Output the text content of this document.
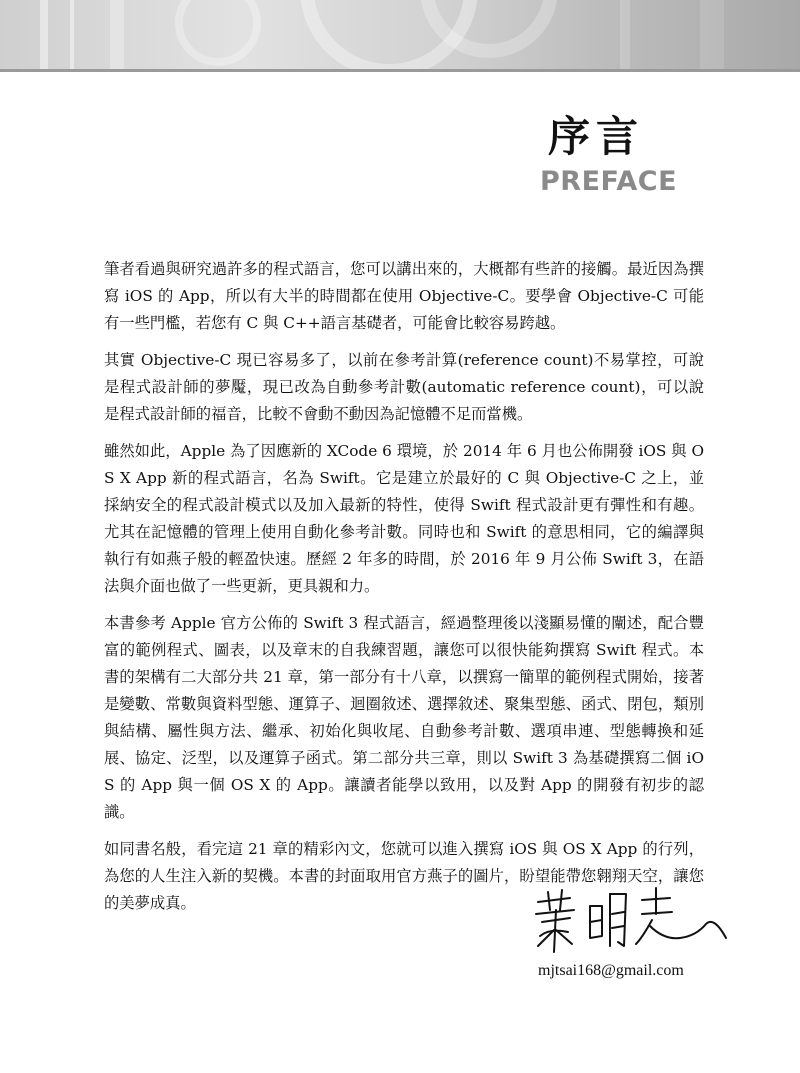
序言
PREFACE

筆者看過與研究過許多的程式語言，您可以講出來的，大概都有些許的接觸。最近因為撰寫 iOS 的 App，所以有大半的時間都在使用 Objective-C。要學會 Objective-C 可能有一些門檻，若您有 C 與 C++語言基礎者，可能會比較容易跨越。

其實 Objective-C 現已容易多了，以前在參考計算(reference count)不易掌控，可說是程式設計師的夢魘，現已改為自動參考計數(automatic reference count)，可以說是程式設計師的福音，比較不會動不動因為記憶體不足而當機。

雖然如此，Apple 為了因應新的 XCode 6 環境，於 2014 年 6 月也公佈開發 iOS 與 OS X App 新的程式語言，名為 Swift。它是建立於最好的 C 與 Objective-C 之上，並採納安全的程式設計模式以及加入最新的特性，使得 Swift 程式設計更有彈性和有趣。尤其在記憶體的管理上使用自動化參考計數。同時也和 Swift 的意思相同，它的編譯與執行有如燕子般的輕盈快速。歷經 2 年多的時間，於 2016 年 9 月公佈 Swift 3，在語法與介面也做了一些更新，更具親和力。

本書參考 Apple 官方公佈的 Swift 3 程式語言，經過整理後以淺顯易懂的闡述，配合豐富的範例程式、圖表，以及章末的自我練習題，讓您可以很快能夠撰寫 Swift 程式。本書的架構有二大部分共 21 章，第一部分有十八章，以撰寫一簡單的範例程式開始，接著是變數、常數與資料型態、運算子、迴圈敘述、選擇敘述、聚集型態、函式、閉包，類別與結構、屬性與方法、繼承、初始化與收尾、自動參考計數、選項串連、型態轉換和延展、協定、泛型，以及運算子函式。第二部分共三章，則以 Swift 3 為基礎撰寫二個 iOS 的 App 與一個 OS X 的 App。讓讀者能學以致用，以及對 App 的開發有初步的認識。

如同書名般，看完這 21 章的精彩內文，您就可以進入撰寫 iOS 與 OS X App 的行列，為您的人生注入新的契機。本書的封面取用官方燕子的圖片，盼望能帶您翱翔天空，讓您的美夢成真。

mjtsai168@gmail.com
